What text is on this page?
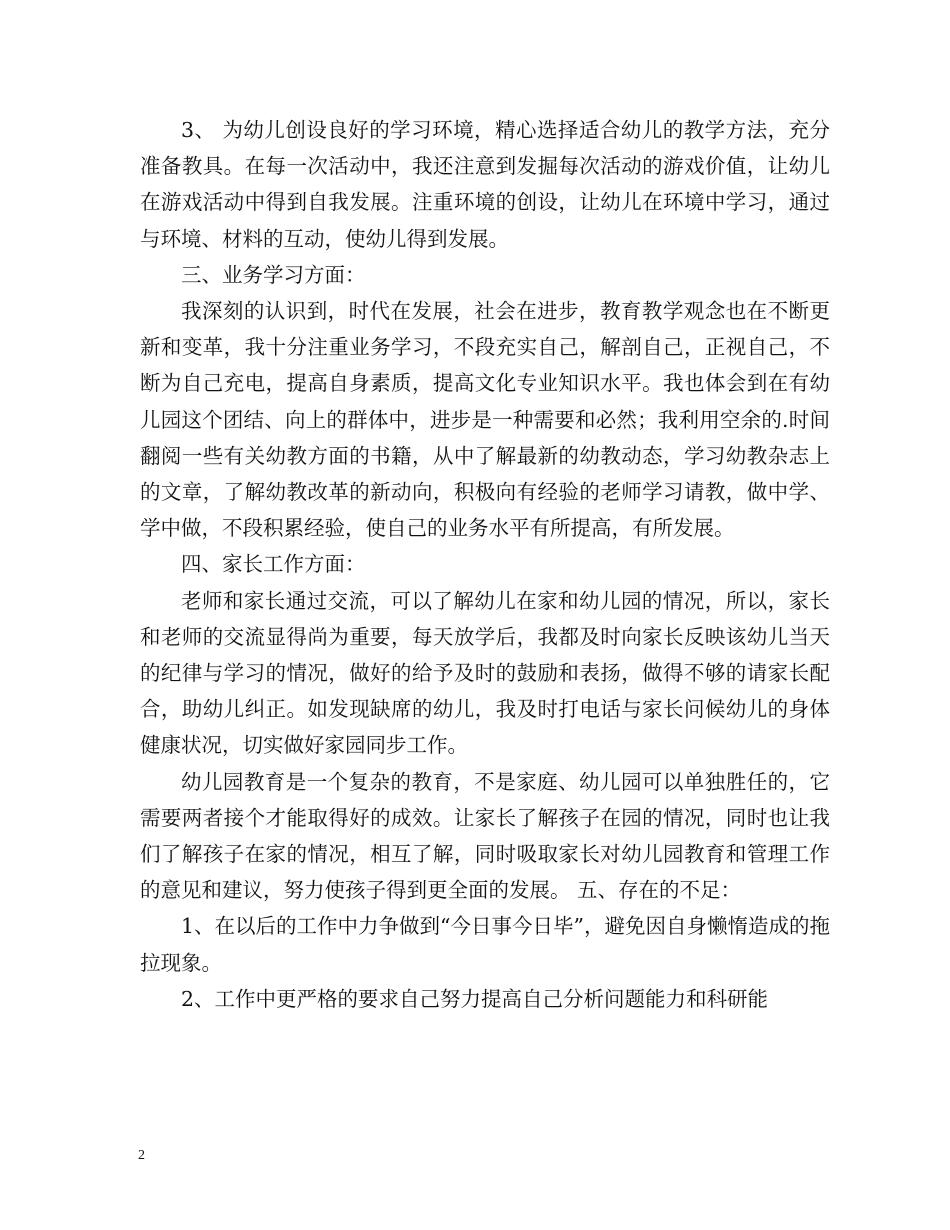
3、 为幼儿创设良好的学习环境，精心选择适合幼儿的教学方法，充分准备教具。在每一次活动中，我还注意到发掘每次活动的游戏价值，让幼儿在游戏活动中得到自我发展。注重环境的创设，让幼儿在环境中学习，通过与环境、材料的互动，使幼儿得到发展。

三、业务学习方面：

我深刻的认识到，时代在发展，社会在进步，教育教学观念也在不断更新和变革，我十分注重业务学习，不段充实自己，解剖自己，正视自己，不断为自己充电，提高自身素质，提高文化专业知识水平。我也体会到在有幼儿园这个团结、向上的群体中，进步是一种需要和必然；我利用空余的.时间翻阅一些有关幼教方面的书籍，从中了解最新的幼教动态，学习幼教杂志上的文章，了解幼教改革的新动向，积极向有经验的老师学习请教，做中学、学中做，不段积累经验，使自己的业务水平有所提高，有所发展。

四、家长工作方面：

老师和家长通过交流，可以了解幼儿在家和幼儿园的情况，所以，家长和老师的交流显得尚为重要，每天放学后，我都及时向家长反映该幼儿当天的纪律与学习的情况，做好的给予及时的鼓励和表扬，做得不够的请家长配合，助幼儿纠正。如发现缺席的幼儿，我及时打电话与家长问候幼儿的身体健康状况，切实做好家园同步工作。

幼儿园教育是一个复杂的教育，不是家庭、幼儿园可以单独胜任的，它需要两者接个才能取得好的成效。让家长了解孩子在园的情况，同时也让我们了解孩子在家的情况，相互了解，同时吸取家长对幼儿园教育和管理工作的意见和建议，努力使孩子得到更全面的发展。 五、存在的不足：

1、在以后的工作中力争做到“今日事今日毕”，避免因自身懒惰造成的拖拉现象。

2、工作中更严格的要求自己努力提高自己分析问题能力和科研能

2
